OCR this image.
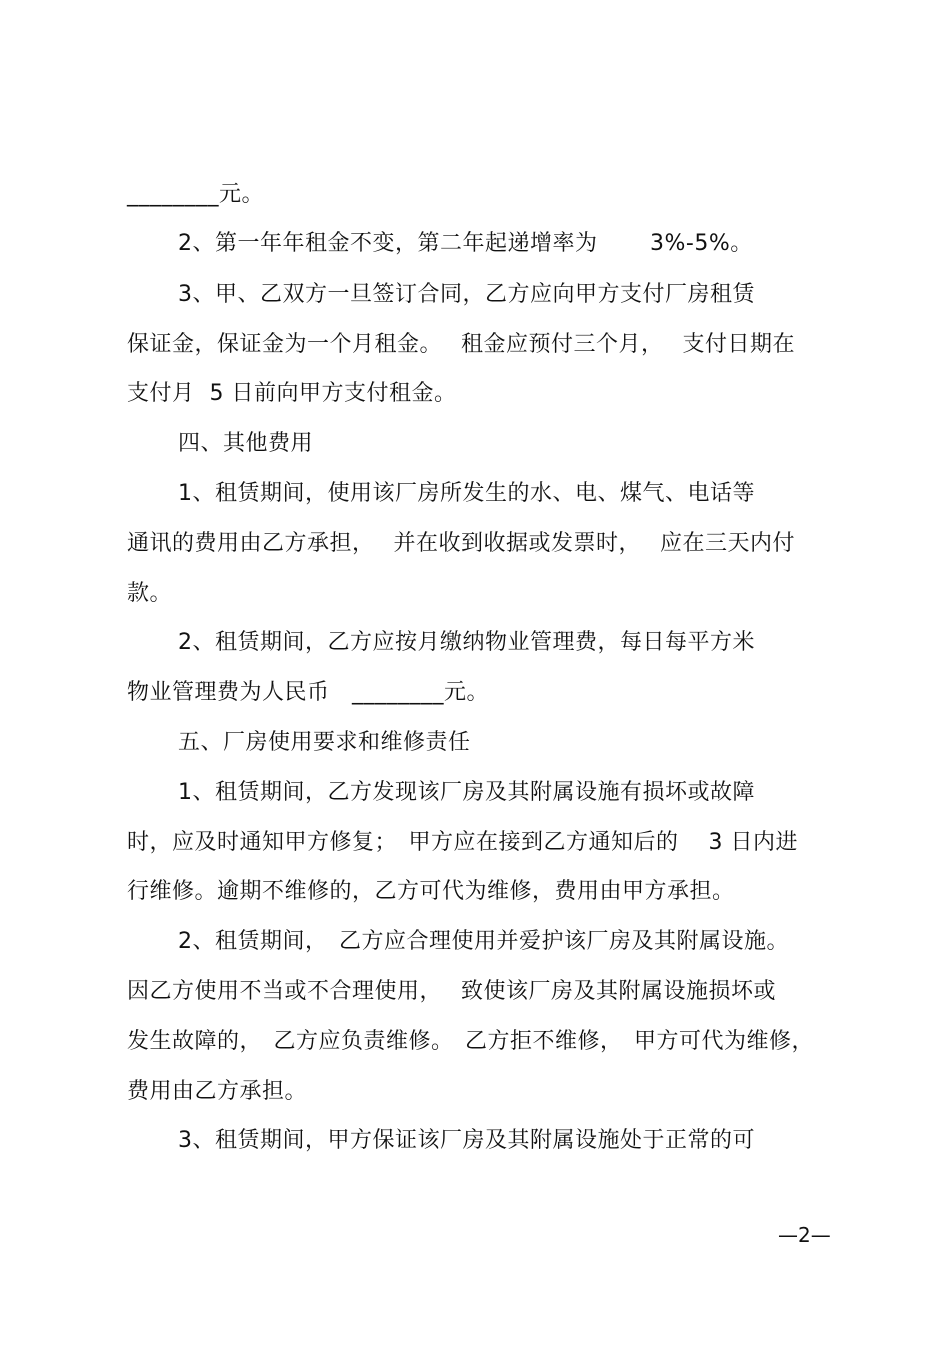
________元。
2、第一年年租金不变，第二年起递增率为　　 3%-5%。
3、甲、乙双方一旦签订合同，乙方应向甲方支付厂房租赁
保证金，保证金为一个月租金。　 租金应预付三个月，　 支付日期在
支付月  5 日前向甲方支付租金。
四、其他费用
1、租赁期间，使用该厂房所发生的水、电、煤气、电话等
通讯的费用由乙方承担，　 并在收到收据或发票时，　 应在三天内付
款。
2、租赁期间，乙方应按月缴纳物业管理费，每日每平方米
物业管理费为人民币　________元。
五、厂房使用要求和维修责任
1、租赁期间，乙方发现该厂房及其附属设施有损坏或故障
时，应及时通知甲方修复；　甲方应在接到乙方通知后的　 3 日内进
行维修。逾期不维修的，乙方可代为维修，费用由甲方承担。
2、租赁期间，　乙方应合理使用并爱护该厂房及其附属设施。
因乙方使用不当或不合理使用，　 致使该厂房及其附属设施损坏或
发生故障的，　乙方应负责维修。　乙方拒不维修，　甲方可代为维修，
费用由乙方承担。
3、租赁期间，甲方保证该厂房及其附属设施处于正常的可
—2—
